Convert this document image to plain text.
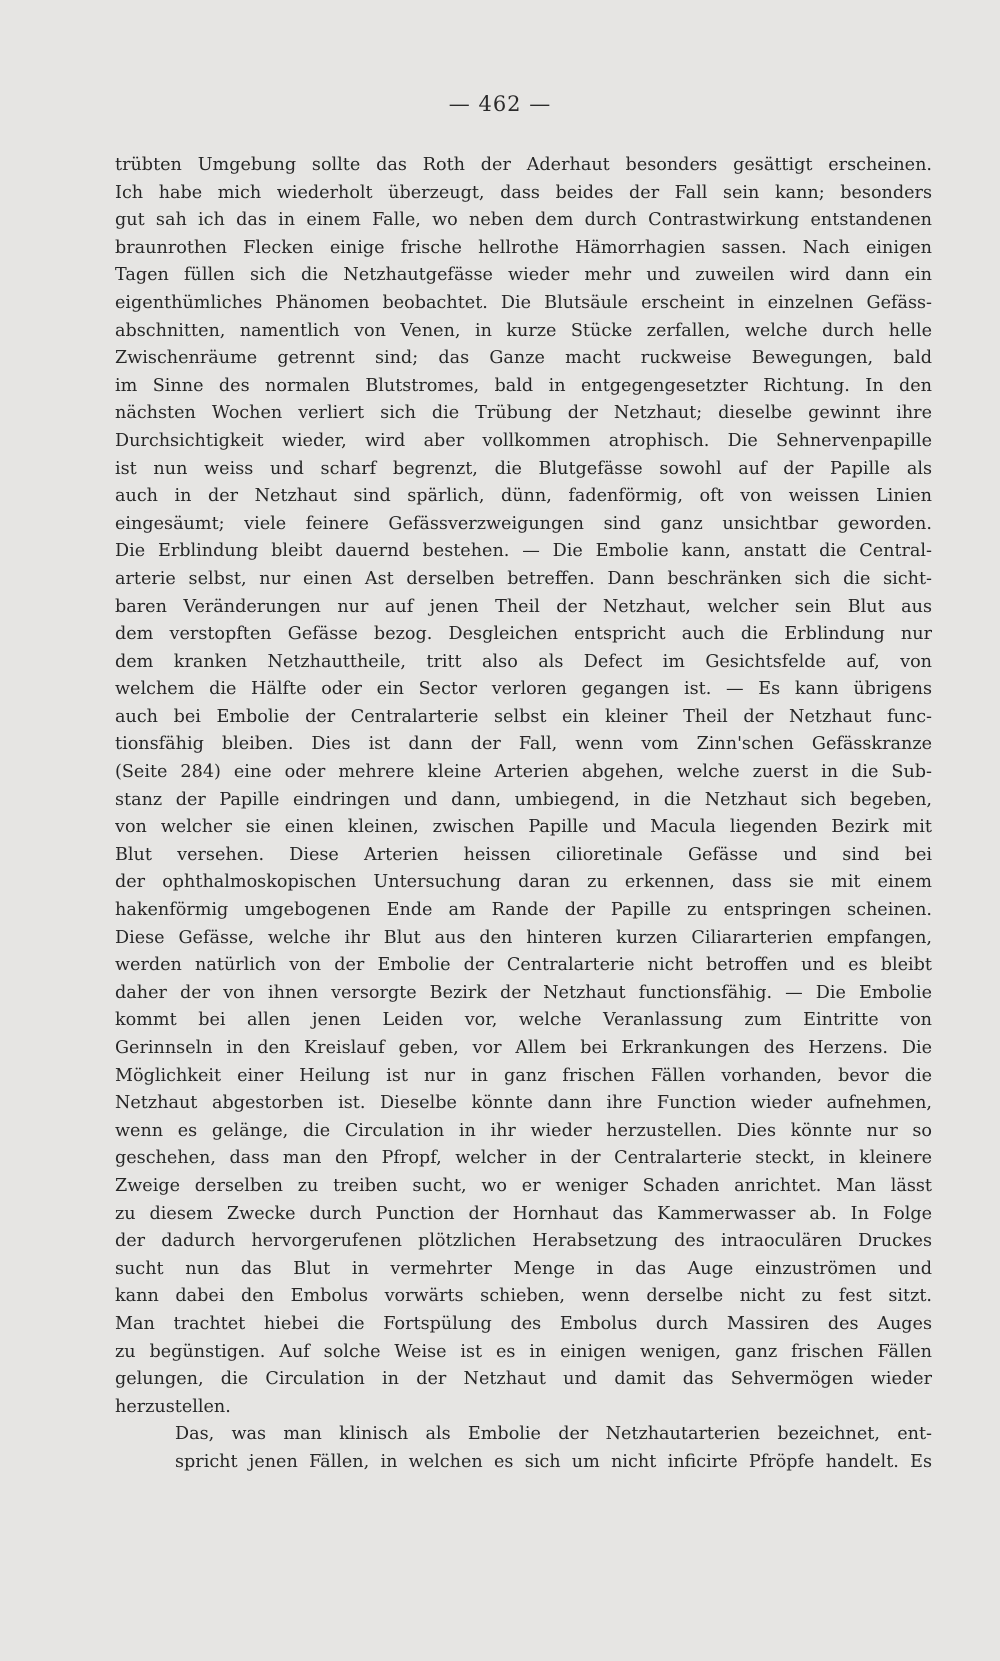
— 462 —
trübten Umgebung sollte das Roth der Aderhaut besonders gesättigt erscheinen.
Ich habe mich wiederholt überzeugt, dass beides der Fall sein kann; besonders
gut sah ich das in einem Falle, wo neben dem durch Contrastwirkung entstandenen
braunrothen Flecken einige frische hellrothe Hämorrhagien sassen. Nach einigen
Tagen füllen sich die Netzhautgefässe wieder mehr und zuweilen wird dann ein
eigenthümliches Phänomen beobachtet. Die Blutsäule erscheint in einzelnen Gefäss-
abschnitten, namentlich von Venen, in kurze Stücke zerfallen, welche durch helle
Zwischenräume getrennt sind; das Ganze macht ruckweise Bewegungen, bald
im Sinne des normalen Blutstromes, bald in entgegengesetzter Richtung. In den
nächsten Wochen verliert sich die Trübung der Netzhaut; dieselbe gewinnt ihre
Durchsichtigkeit wieder, wird aber vollkommen atrophisch. Die Sehnervenpapille
ist nun weiss und scharf begrenzt, die Blutgefässe sowohl auf der Papille als
auch in der Netzhaut sind spärlich, dünn, fadenförmig, oft von weissen Linien
eingesäumt; viele feinere Gefässverzweigungen sind ganz unsichtbar geworden.
Die Erblindung bleibt dauernd bestehen. — Die Embolie kann, anstatt die Central-
arterie selbst, nur einen Ast derselben betreffen. Dann beschränken sich die sicht-
baren Veränderungen nur auf jenen Theil der Netzhaut, welcher sein Blut aus
dem verstopften Gefässe bezog. Desgleichen entspricht auch die Erblindung nur
dem kranken Netzhauttheile, tritt also als Defect im Gesichtsfelde auf, von
welchem die Hälfte oder ein Sector verloren gegangen ist. — Es kann übrigens
auch bei Embolie der Centralarterie selbst ein kleiner Theil der Netzhaut func-
tionsfähig bleiben. Dies ist dann der Fall, wenn vom Zinn'schen Gefässkranze
(Seite 284) eine oder mehrere kleine Arterien abgehen, welche zuerst in die Sub-
stanz der Papille eindringen und dann, umbiegend, in die Netzhaut sich begeben,
von welcher sie einen kleinen, zwischen Papille und Macula liegenden Bezirk mit
Blut versehen. Diese Arterien heissen cilioretinale Gefässe und sind bei
der ophthalmoskopischen Untersuchung daran zu erkennen, dass sie mit einem
hakenförmig umgebogenen Ende am Rande der Papille zu entspringen scheinen.
Diese Gefässe, welche ihr Blut aus den hinteren kurzen Ciliararterien empfangen,
werden natürlich von der Embolie der Centralarterie nicht betroffen und es bleibt
daher der von ihnen versorgte Bezirk der Netzhaut functionsfähig. — Die Embolie
kommt bei allen jenen Leiden vor, welche Veranlassung zum Eintritte von
Gerinnseln in den Kreislauf geben, vor Allem bei Erkrankungen des Herzens. Die
Möglichkeit einer Heilung ist nur in ganz frischen Fällen vorhanden, bevor die
Netzhaut abgestorben ist. Dieselbe könnte dann ihre Function wieder aufnehmen,
wenn es gelänge, die Circulation in ihr wieder herzustellen. Dies könnte nur so
geschehen, dass man den Pfropf, welcher in der Centralarterie steckt, in kleinere
Zweige derselben zu treiben sucht, wo er weniger Schaden anrichtet. Man lässt
zu diesem Zwecke durch Punction der Hornhaut das Kammerwasser ab. In Folge
der dadurch hervorgerufenen plötzlichen Herabsetzung des intraoculären Druckes
sucht nun das Blut in vermehrter Menge in das Auge einzuströmen und
kann dabei den Embolus vorwärts schieben, wenn derselbe nicht zu fest sitzt.
Man trachtet hiebei die Fortspülung des Embolus durch Massiren des Auges
zu begünstigen. Auf solche Weise ist es in einigen wenigen, ganz frischen Fällen
gelungen, die Circulation in der Netzhaut und damit das Sehvermögen wieder
herzustellen.
Das, was man klinisch als Embolie der Netzhautarterien bezeichnet, ent-
spricht jenen Fällen, in welchen es sich um nicht inficirte Pfröpfe handelt. Es
